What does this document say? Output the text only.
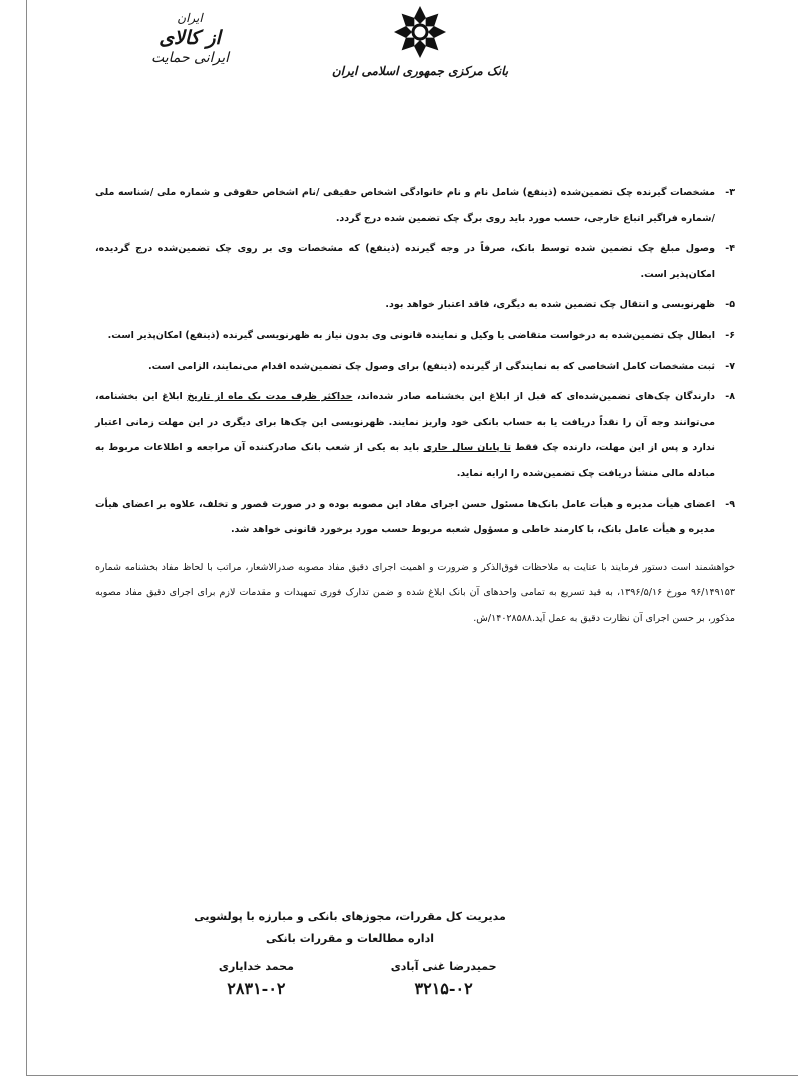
بانک مرکزی جمهوری اسلامی ایران
ایران
از کالای
ایرانی حمایت
۳-
مشخصات گیرنده چک تضمین‌شده (ذینفع) شامل نام و نام خانوادگی اشخاص حقیقی /نام اشخاص حقوقی و شماره ملی /شناسه ملی /شماره فراگیر اتباع خارجی، حسب مورد باید روی برگ چک تضمین شده درج گردد.
۴-
وصول مبلغ چک تضمین شده توسط بانک، صرفاً در وجه گیرنده (ذینفع) که مشخصات وی بر روی چک تضمین‌شده درج گردیده، امکان‌پذیر است.
۵-
ظهرنویسی و انتقال چک تضمین شده به دیگری، فاقد اعتبار خواهد بود.
۶-
ابطال چک تضمین‌شده به درخواست متقاضی یا وکیل و نماینده قانونی وی بدون نیاز به ظهرنویسی گیرنده (ذینفع) امکان‌پذیر است.
۷-
ثبت مشخصات کامل اشخاصی که به نمایندگی از گیرنده (ذینفع) برای وصول چک تضمین‌شده اقدام می‌نمایند، الزامی است.
۸-
دارندگان چک‌های تضمین‌شده‌ای که قبل از ابلاغ این بخشنامه صادر شده‌اند، حداکثر ظرف مدت یک ماه از تاریخ ابلاغ این بخشنامه، می‌توانند وجه آن را نقداً دریافت یا به حساب بانکی خود واریز نمایند. ظهرنویسی این چک‌ها برای دیگری در این مهلت زمانی اعتبار ندارد و پس از این مهلت، دارنده چک فقط تا پایان سال جاری باید به یکی از شعب بانک صادرکننده آن مراجعه و اطلاعات مربوط به مبادله مالی منشأ دریافت چک تضمین‌شده را ارایه نماید.
۹-
اعضای هیأت مدیره و هیأت عامل بانک‌ها مسئول حسن اجرای مفاد این مصوبه بوده و در صورت قصور و تخلف، علاوه بر اعضای هیأت مدیره و هیأت عامل بانک، با کارمند خاطی و مسؤول شعبه مربوط حسب مورد برخورد قانونی خواهد شد.
خواهشمند است دستور فرمایند با عنایت به ملاحظات فوق‌الذکر و ضرورت و اهمیت اجرای دقیق مفاد مصوبه صدرالاشعار، مراتب با لحاظ مفاد بخشنامه شماره ۹۶/۱۴۹۱۵۳ مورخ ۱۳۹۶/۵/۱۶، به قید تسریع به تمامی واحدهای آن بانک ابلاغ شده و ضمن تدارک فوری تمهیدات و مقدمات لازم برای اجرای دقیق مفاد مصوبه مذکور، بر حسن اجرای آن نظارت دقیق به عمل آید.۱۴۰۲۸۵۸۸/ش.
مدیریت کل مقررات، مجوزهای بانکی و مبارزه با پولشویی
اداره مطالعات و مقررات بانکی
حمیدرضا غنی آبادی
۳۲۱۵-۰۲
محمد خدایاری
۲۸۳۱-۰۲
